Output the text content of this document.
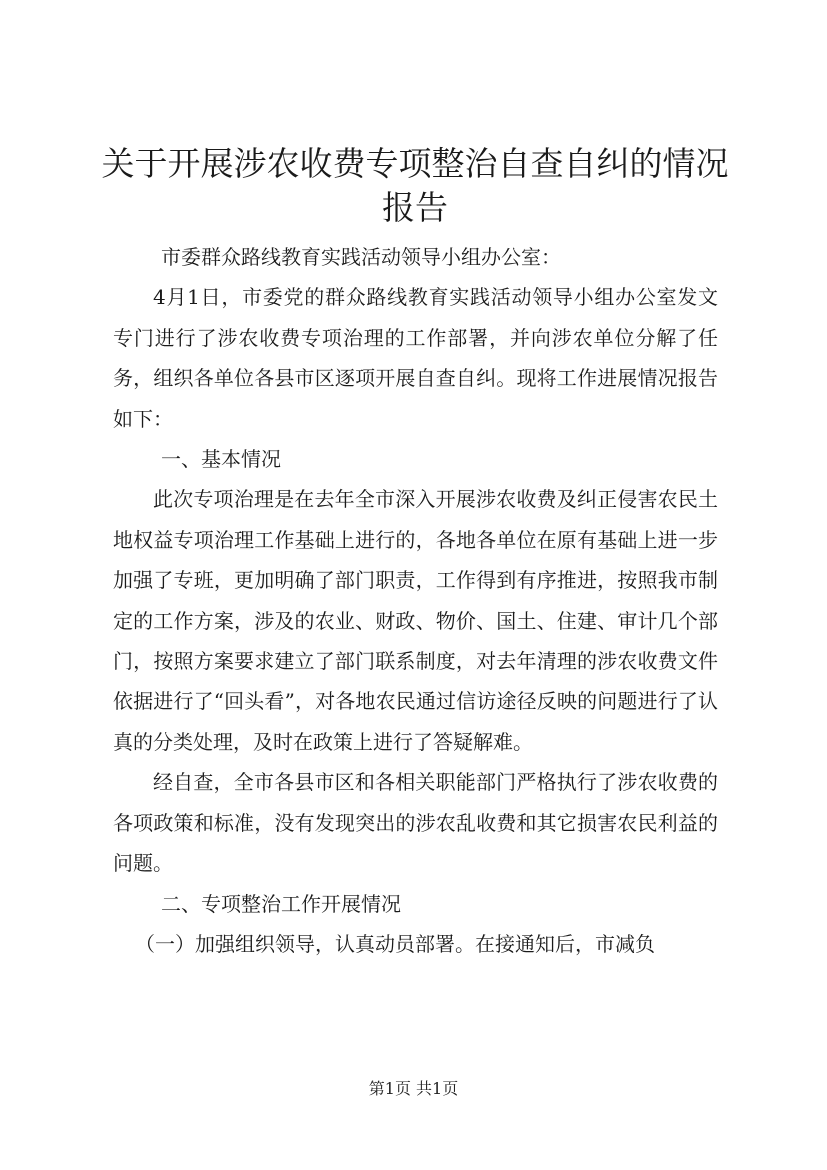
关于开展涉农收费专项整治自查自纠的情况报告

市委群众路线教育实践活动领导小组办公室：

4月1日，市委党的群众路线教育实践活动领导小组办公室发文专门进行了涉农收费专项治理的工作部署，并向涉农单位分解了任务，组织各单位各县市区逐项开展自查自纠。现将工作进展情况报告如下：

一、基本情况

此次专项治理是在去年全市深入开展涉农收费及纠正侵害农民土地权益专项治理工作基础上进行的，各地各单位在原有基础上进一步加强了专班，更加明确了部门职责，工作得到有序推进，按照我市制定的工作方案，涉及的农业、财政、物价、国土、住建、审计几个部门，按照方案要求建立了部门联系制度，对去年清理的涉农收费文件依据进行了“回头看”，对各地农民通过信访途径反映的问题进行了认真的分类处理，及时在政策上进行了答疑解难。

经自查，全市各县市区和各相关职能部门严格执行了涉农收费的各项政策和标准，没有发现突出的涉农乱收费和其它损害农民利益的问题。

二、专项整治工作开展情况

（一）加强组织领导，认真动员部署。在接通知后，市减负

第1页 共1页
